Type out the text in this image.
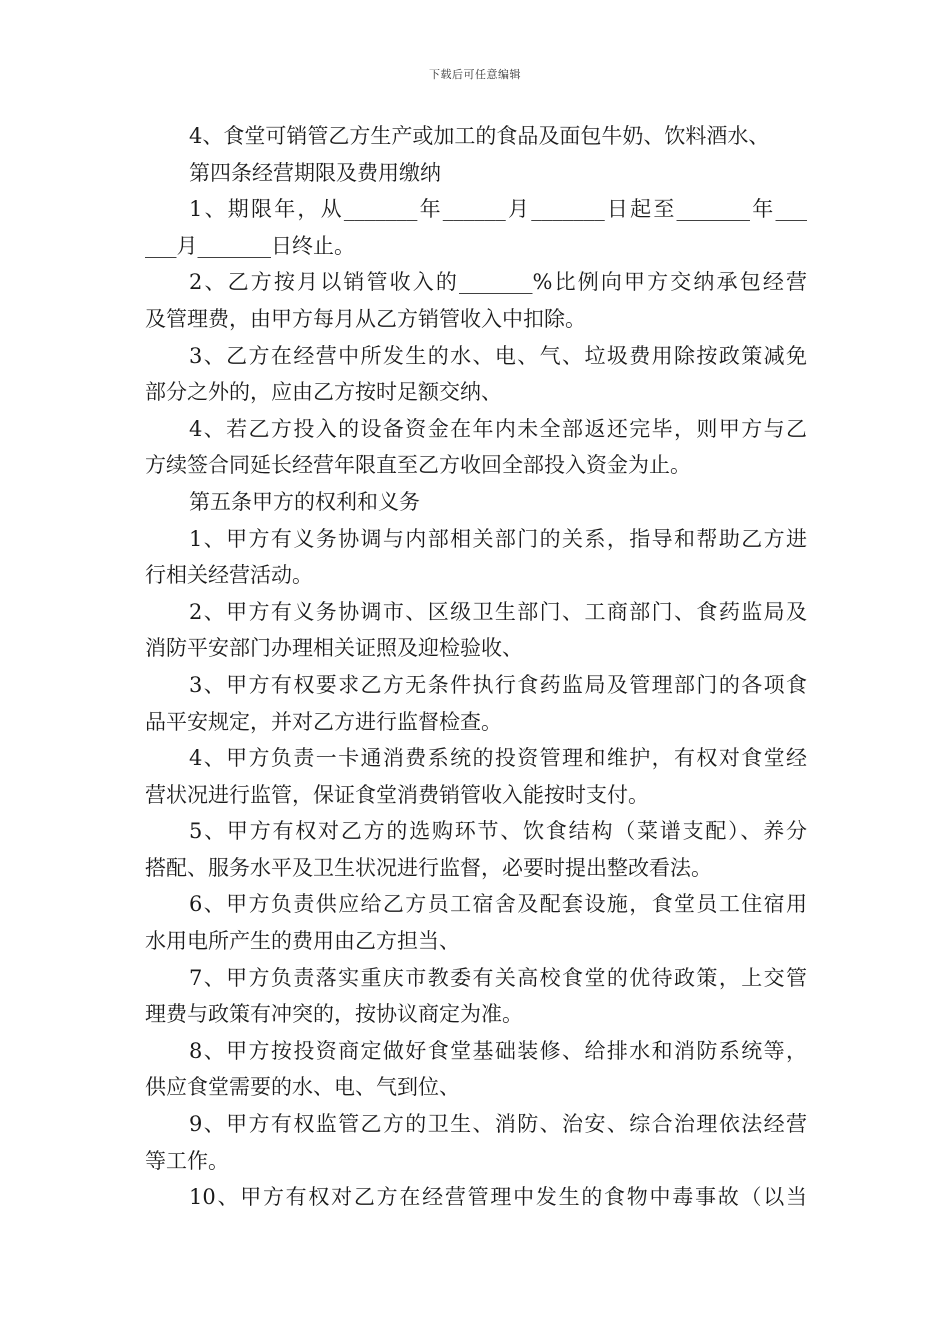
下载后可任意编辑
4、食堂可销管乙方生产或加工的食品及面包牛奶、饮料酒水、
第四条经营期限及费用缴纳
1、期限年，从_______年______月_______日起至_______年___
___月_______日终止。
2、乙方按月以销管收入的_______%比例向甲方交纳承包经营
及管理费，由甲方每月从乙方销管收入中扣除。
3、乙方在经营中所发生的水、电、气、垃圾费用除按政策减免
部分之外的，应由乙方按时足额交纳、
4、若乙方投入的设备资金在年内未全部返还完毕，则甲方与乙
方续签合同延长经营年限直至乙方收回全部投入资金为止。
第五条甲方的权利和义务
1、甲方有义务协调与内部相关部门的关系，指导和帮助乙方进
行相关经营活动。
2、甲方有义务协调市、区级卫生部门、工商部门、食药监局及
消防平安部门办理相关证照及迎检验收、
3、甲方有权要求乙方无条件执行食药监局及管理部门的各项食
品平安规定，并对乙方进行监督检查。
4、甲方负责一卡通消费系统的投资管理和维护，有权对食堂经
营状况进行监管，保证食堂消费销管收入能按时支付。
5、甲方有权对乙方的选购环节、饮食结构（菜谱支配）、养分
搭配、服务水平及卫生状况进行监督，必要时提出整改看法。
6、甲方负责供应给乙方员工宿舍及配套设施，食堂员工住宿用
水用电所产生的费用由乙方担当、
7、甲方负责落实重庆市教委有关高校食堂的优待政策，上交管
理费与政策有冲突的，按协议商定为准。
8、甲方按投资商定做好食堂基础装修、给排水和消防系统等，
供应食堂需要的水、电、气到位、
9、甲方有权监管乙方的卫生、消防、治安、综合治理依法经营
等工作。
10、甲方有权对乙方在经营管理中发生的食物中毒事故（以当
